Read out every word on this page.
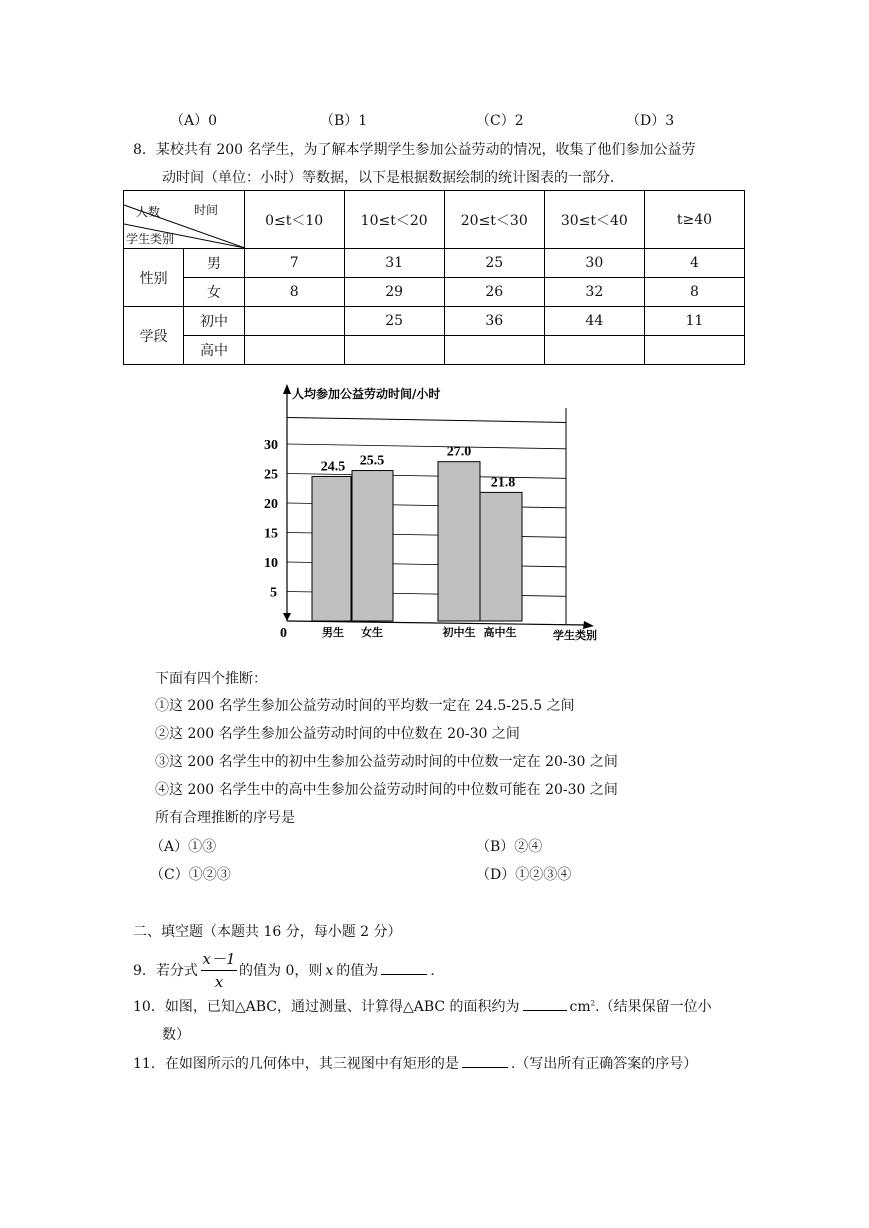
（A）0	（B）1	（C）2	（D）3
8．某校共有 200 名学生，为了解本学期学生参加公益劳动的情况，收集了他们参加公益劳
动时间（单位：小时）等数据，以下是根据数据绘制的统计图表的一部分.
时间
人数
学生类别		0≤t＜10	10≤t＜20	20≤t＜30	30≤t＜40	t≥40
性别	男	7	31	25	30	4
	女	8	29	26	32	8
学段	初中		25	36	44	11
	高中					
0
5
10
15
20
25
30
人均参加公益劳动时间/小时
学生类别
24.5 25.5
27.0
21.8
男生 女生	初中生 高中生
下面有四个推断：
①这 200 名学生参加公益劳动时间的平均数一定在 24.5-25.5 之间
②这 200 名学生参加公益劳动时间的中位数在 20-30 之间
③这 200 名学生中的初中生参加公益劳动时间的中位数一定在 20-30 之间
④这 200 名学生中的高中生参加公益劳动时间的中位数可能在 20-30 之间
所有合理推断的序号是
（A）①③	（B）②④
（C）①②③	（D）①②③④
二、填空题（本题共 16 分，每小题 2 分）
9．若分式 $\frac{x-1}{x}$ 的值为 0，则 x 的值为	.
10．如图，已知△ABC，通过测量、计算得△ABC 的面积约为	$cm^2$.（结果保留一位小
数）
11．在如图所示的几何体中，其三视图中有矩形的是	.（写出所有正确答案的序号）
